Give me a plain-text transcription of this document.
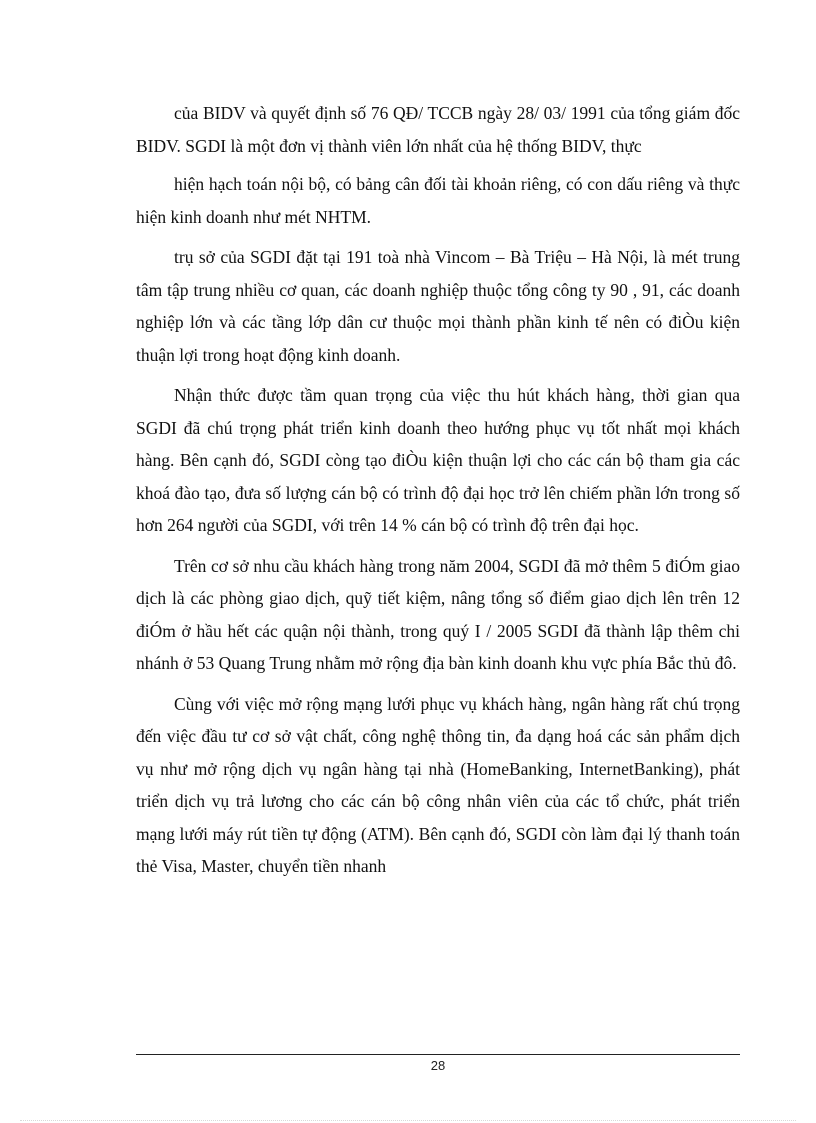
của BIDV và quyết định số 76 QĐ/ TCCB ngày 28/ 03/ 1991 của tổng giám đốc BIDV. SGDI là một đơn vị thành viên lớn nhất của hệ thống BIDV, thực

hiện hạch toán nội bộ, có bảng cân đối tài khoản riêng, có con dấu riêng và thực hiện kinh doanh như mét NHTM.

trụ sở của SGDI đặt tại 191 toà nhà Vincom – Bà Triệu – Hà Nội, là mét trung tâm tập trung nhiều cơ quan, các doanh nghiệp thuộc tổng công ty 90 , 91, các doanh nghiệp lớn và các tầng lớp dân cư thuộc mọi thành phần kinh tế nên có điÒu kiện thuận lợi trong hoạt động kinh doanh.

Nhận thức được tầm quan trọng của việc thu hút khách hàng, thời gian qua SGDI đã chú trọng phát triển kinh doanh theo hướng phục vụ tốt nhất mọi khách hàng. Bên cạnh đó, SGDI còng tạo điÒu kiện thuận lợi cho các cán bộ tham gia các khoá đào tạo, đưa số lượng cán bộ có trình độ đại học trở lên chiếm phần lớn trong số hơn 264 người của SGDI, với trên 14 % cán bộ có trình độ trên đại học.

Trên cơ sở nhu cầu khách hàng trong năm 2004, SGDI đã mở thêm 5 điÓm giao dịch là các phòng giao dịch, quỹ tiết kiệm, nâng tổng số điểm giao dịch lên trên 12 điÓm ở hầu hết các quận nội thành, trong quý I / 2005 SGDI đã thành lập thêm chi nhánh ở 53 Quang Trung nhằm mở rộng địa bàn kinh doanh khu vực phía Bắc thủ đô.

Cùng với việc mở rộng mạng lưới phục vụ khách hàng, ngân hàng rất chú trọng đến việc đầu tư cơ sở vật chất, công nghệ thông tin, đa dạng hoá các sản phẩm dịch vụ như mở rộng dịch vụ ngân hàng tại nhà (HomeBanking, InternetBanking), phát triển dịch vụ trả lương cho các cán bộ công nhân viên của các tổ chức, phát triển mạng lưới máy rút tiền tự động (ATM). Bên cạnh đó, SGDI còn làm đại lý thanh toán thẻ Visa, Master, chuyển tiền nhanh

28
